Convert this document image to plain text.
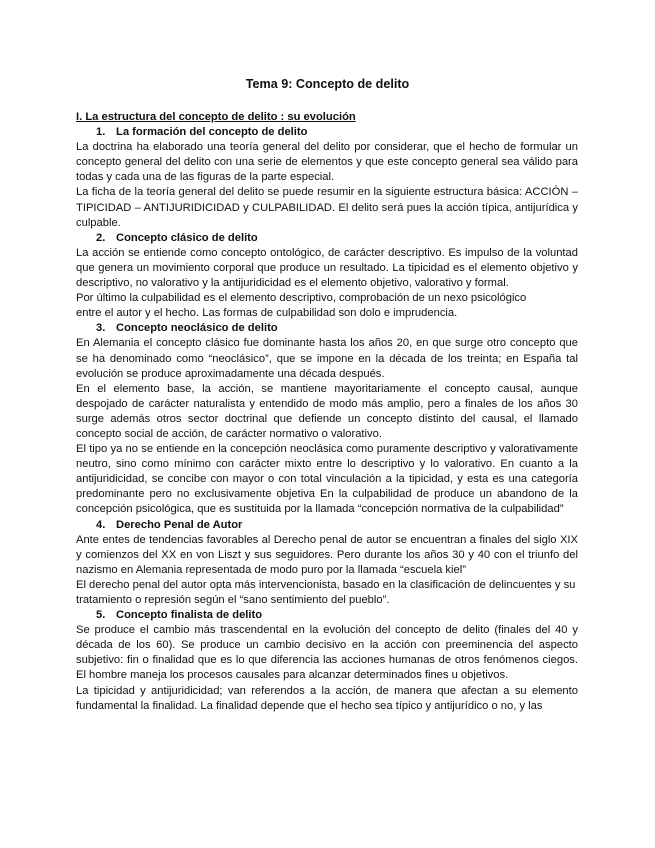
Tema 9: Concepto de delito
I. La estructura del concepto de delito : su evolución
1. La formación del concepto de delito

La doctrina ha elaborado una teoría general del delito por considerar, que el hecho de formular un concepto general del delito con una serie de elementos y que este concepto general sea válido para todas y cada una de las figuras de la parte especial.

La ficha de la teoría general del delito se puede resumir en la siguiente estructura básica: ACCIÓN – TIPICIDAD – ANTIJURIDICIDAD y CULPABILIDAD. El delito será pues la acción típica, antijurídica y culpable.

2. Concepto clásico de delito

La acción se entiende como concepto ontológico, de carácter descriptivo. Es impulso de la voluntad que genera un movimiento corporal que produce un resultado. La tipicidad es el elemento objetivo y descriptivo, no valorativo y la antijuridicidad es el elemento objetivo, valorativo y formal.

Por último la culpabilidad es el elemento descriptivo, comprobación de un nexo psicológico entre el autor y el hecho. Las formas de culpabilidad son dolo e imprudencia.

3. Concepto neoclásico de delito

En Alemania el concepto clásico fue dominante hasta los años 20, en que surge otro concepto que se ha denominado como “neoclásico”, que se impone en la década de los treinta; en España tal evolución se produce aproximadamente una década después.

En el elemento base, la acción, se mantiene mayoritariamente el concepto causal, aunque despojado de carácter naturalista y entendido de modo más amplio, pero a finales de los años 30 surge además otros sector doctrinal que defiende un concepto distinto del causal, el llamado concepto social de acción, de carácter normativo o valorativo.

El tipo ya no se entiende en la concepción neoclásica como puramente descriptivo y valorativamente neutro, sino como mínimo con carácter mixto entre lo descriptivo y lo valorativo. En cuanto a la antijuridicidad, se concibe con mayor o con total vinculación a la tipicidad, y esta es una categoría predominante pero no exclusivamente objetiva En la culpabilidad de produce un abandono de la concepción psicológica, que es sustituida por la llamada “concepción normativa de la culpabilidad”

4. Derecho Penal de Autor

Ante entes de tendencias favorables al Derecho penal de autor se encuentran a finales del siglo XIX y comienzos del XX en von Liszt y sus seguidores. Pero durante los años 30 y 40 con el triunfo del nazismo en Alemania representada de modo puro por la llamada “escuela kiel”

El derecho penal del autor opta más intervencionista, basado en la clasificación de delincuentes y su tratamiento o represión según el “sano sentimiento del pueblo”.

5. Concepto finalista de delito

Se produce el cambio más trascendental en la evolución del concepto de delito (finales del 40 y década de los 60). Se produce un cambio decisivo en la acción con preeminencia del aspecto subjetivo: fin o finalidad que es lo que diferencia las acciones humanas de otros fenómenos ciegos. El hombre maneja los procesos causales para alcanzar determinados fines u objetivos.

La tipicidad y antijuridicidad; van referendos a la acción, de manera que afectan a su elemento fundamental la finalidad. La finalidad depende que el hecho sea típico y antijurídico o no, y las
